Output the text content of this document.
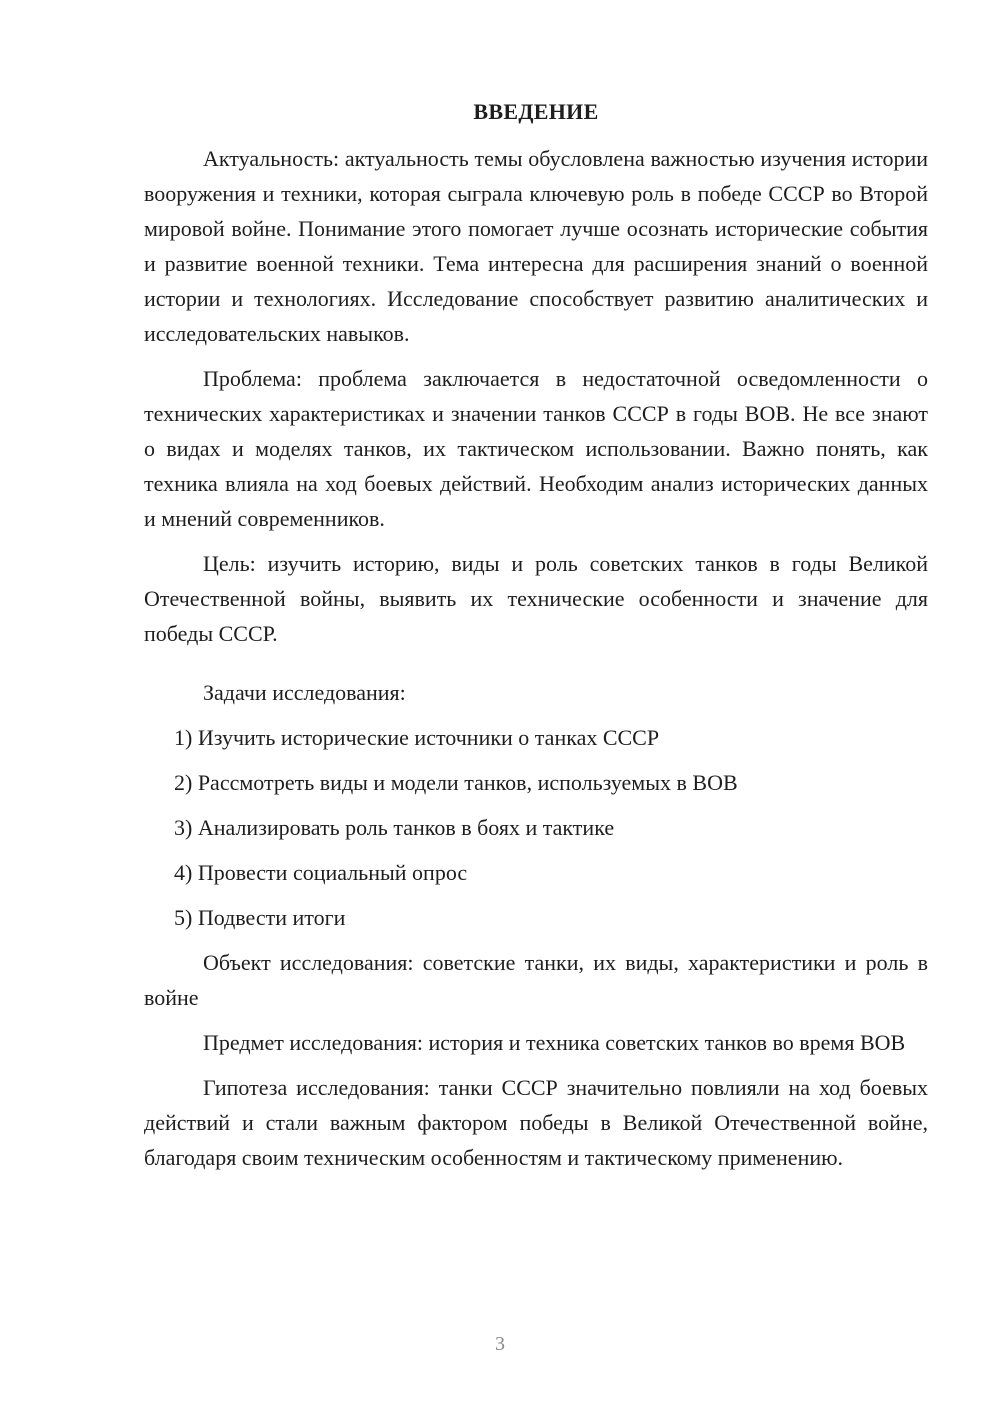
ВВЕДЕНИЕ

Актуальность: актуальность темы обусловлена важностью изучения истории вооружения и техники, которая сыграла ключевую роль в победе СССР во Второй мировой войне. Понимание этого помогает лучше осознать исторические события и развитие военной техники. Тема интересна для расширения знаний о военной истории и технологиях. Исследование способствует развитию аналитических и исследовательских навыков.

Проблема: проблема заключается в недостаточной осведомленности о технических характеристиках и значении танков СССР в годы ВОВ. Не все знают о видах и моделях танков, их тактическом использовании. Важно понять, как техника влияла на ход боевых действий. Необходим анализ исторических данных и мнений современников.

Цель: изучить историю, виды и роль советских танков в годы Великой Отечественной войны, выявить их технические особенности и значение для победы СССР.

Задачи исследования:

1) Изучить исторические источники о танках СССР

2) Рассмотреть виды и модели танков, используемых в ВОВ

3) Анализировать роль танков в боях и тактике

4) Провести социальный опрос

5) Подвести итоги

Объект исследования: советские танки, их виды, характеристики и роль в войне

Предмет исследования: история и техника советских танков во время ВОВ

Гипотеза исследования: танки СССР значительно повлияли на ход боевых действий и стали важным фактором победы в Великой Отечественной войне, благодаря своим техническим особенностям и тактическому применению.

3
